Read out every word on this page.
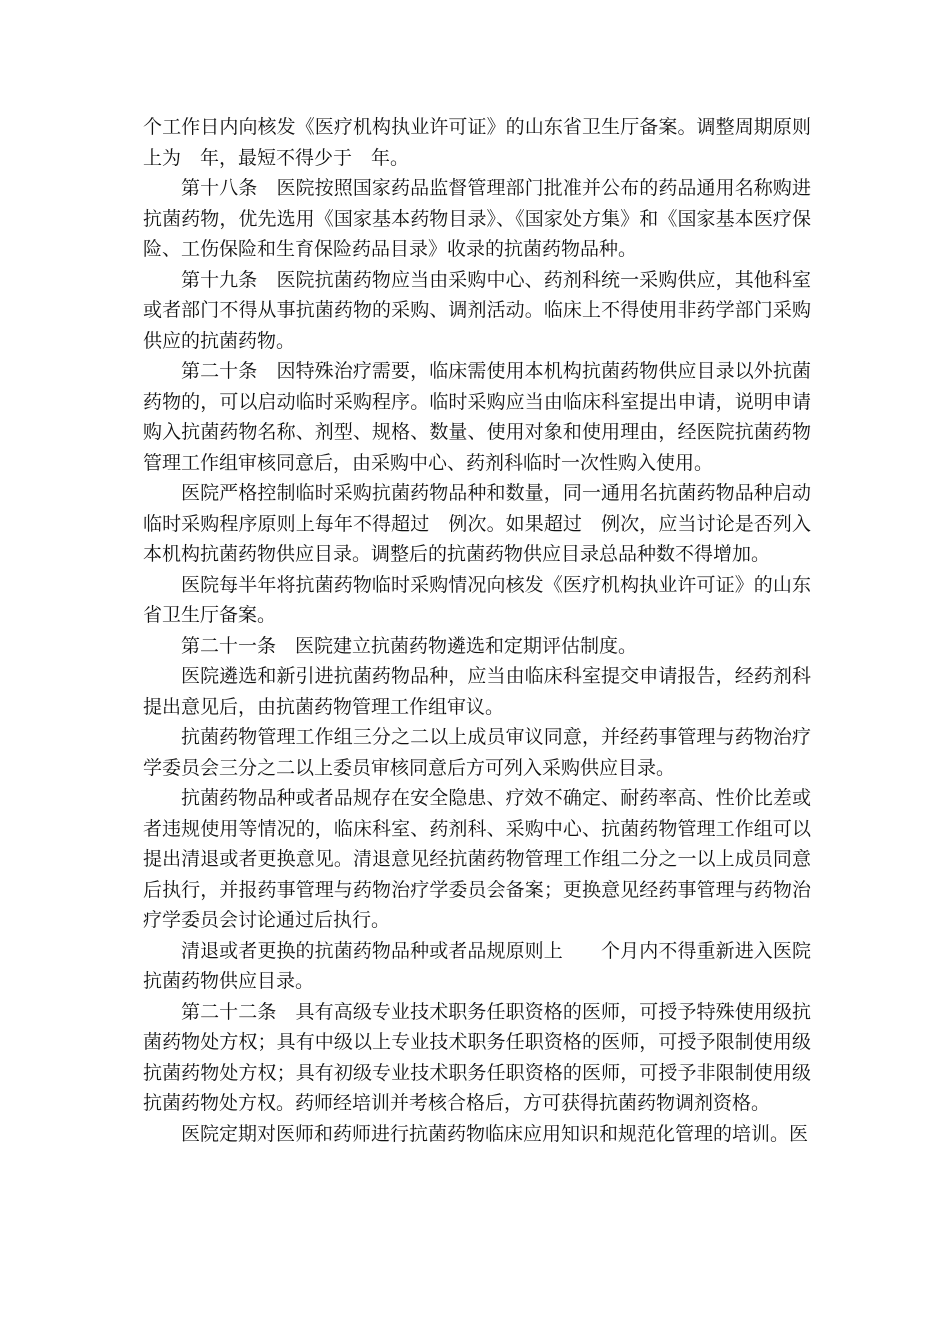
个工作日内向核发《医疗机构执业许可证》的山东省卫生厅备案。调整周期原则上为　年，最短不得少于　年。

第十八条　医院按照国家药品监督管理部门批准并公布的药品通用名称购进抗菌药物，优先选用《国家基本药物目录》、《国家处方集》和《国家基本医疗保险、工伤保险和生育保险药品目录》收录的抗菌药物品种。

第十九条　医院抗菌药物应当由采购中心、药剂科统一采购供应，其他科室或者部门不得从事抗菌药物的采购、调剂活动。临床上不得使用非药学部门采购供应的抗菌药物。

第二十条　因特殊治疗需要，临床需使用本机构抗菌药物供应目录以外抗菌药物的，可以启动临时采购程序。临时采购应当由临床科室提出申请，说明申请购入抗菌药物名称、剂型、规格、数量、使用对象和使用理由，经医院抗菌药物管理工作组审核同意后，由采购中心、药剂科临时一次性购入使用。

医院严格控制临时采购抗菌药物品种和数量，同一通用名抗菌药物品种启动临时采购程序原则上每年不得超过　例次。如果超过　例次，应当讨论是否列入本机构抗菌药物供应目录。调整后的抗菌药物供应目录总品种数不得增加。

医院每半年将抗菌药物临时采购情况向核发《医疗机构执业许可证》的山东省卫生厅备案。

第二十一条　医院建立抗菌药物遴选和定期评估制度。

医院遴选和新引进抗菌药物品种，应当由临床科室提交申请报告，经药剂科提出意见后，由抗菌药物管理工作组审议。

抗菌药物管理工作组三分之二以上成员审议同意，并经药事管理与药物治疗学委员会三分之二以上委员审核同意后方可列入采购供应目录。

抗菌药物品种或者品规存在安全隐患、疗效不确定、耐药率高、性价比差或者违规使用等情况的，临床科室、药剂科、采购中心、抗菌药物管理工作组可以提出清退或者更换意见。清退意见经抗菌药物管理工作组二分之一以上成员同意后执行，并报药事管理与药物治疗学委员会备案；更换意见经药事管理与药物治疗学委员会讨论通过后执行。

清退或者更换的抗菌药物品种或者品规原则上　　个月内不得重新进入医院抗菌药物供应目录。

第二十二条　具有高级专业技术职务任职资格的医师，可授予特殊使用级抗菌药物处方权；具有中级以上专业技术职务任职资格的医师，可授予限制使用级抗菌药物处方权；具有初级专业技术职务任职资格的医师，可授予非限制使用级抗菌药物处方权。药师经培训并考核合格后，方可获得抗菌药物调剂资格。

医院定期对医师和药师进行抗菌药物临床应用知识和规范化管理的培训。医
